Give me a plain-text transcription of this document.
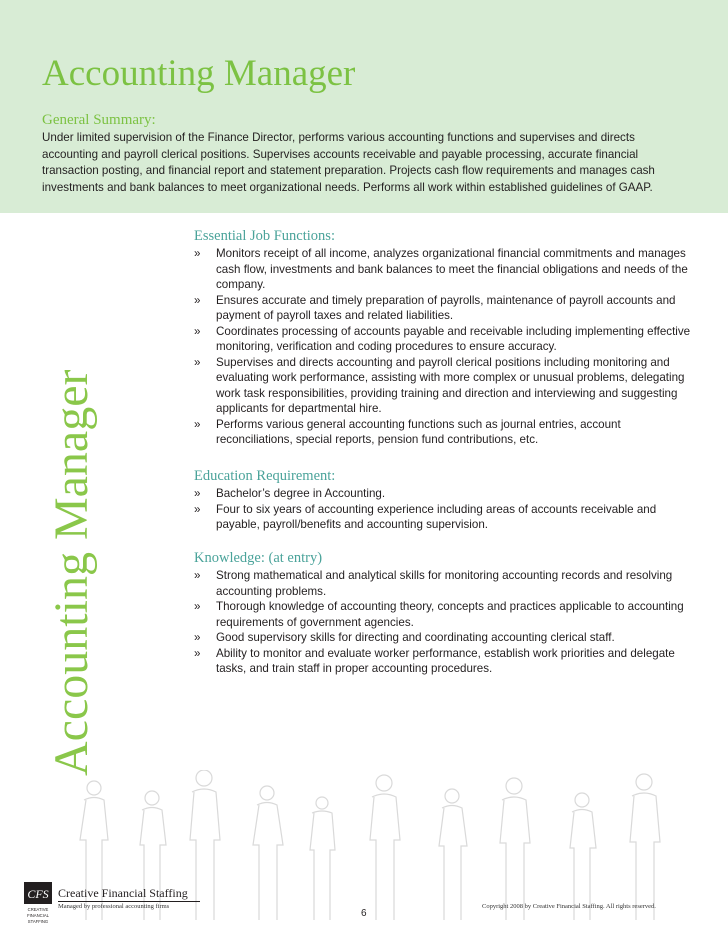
Accounting Manager
General Summary:

Under limited supervision of the Finance Director, performs various accounting functions and supervises and directs accounting and payroll clerical positions. Supervises accounts receivable and payable processing, accurate financial transaction posting, and financial report and statement preparation. Projects cash flow requirements and manages cash investments and bank balances to meet organizational needs. Performs all work within established guidelines of GAAP.

Accounting Manager
Essential Job Functions:
» Monitors receipt of all income, analyzes organizational financial commitments and manages cash flow, investments and bank balances to meet the financial obligations and needs of the company.
» Ensures accurate and timely preparation of payrolls, maintenance of payroll accounts and payment of payroll taxes and related liabilities.
» Coordinates processing of accounts payable and receivable including implementing effective monitoring, verification and coding procedures to ensure accuracy.
» Supervises and directs accounting and payroll clerical positions including monitoring and evaluating work performance, assisting with more complex or unusual problems, delegating work task responsibilities, providing training and direction and interviewing and suggesting applicants for departmental hire.
» Performs various general accounting functions such as journal entries, account reconciliations, special reports, pension fund contributions, etc.
Education Requirement:
» Bachelor’s degree in Accounting.
» Four to six years of accounting experience including areas of accounts receivable and payable, payroll/benefits and accounting supervision.
Knowledge: (at entry)
» Strong mathematical and analytical skills for monitoring accounting records and resolving accounting problems.
» Thorough knowledge of accounting theory, concepts and practices applicable to accounting requirements of government agencies.
» Good supervisory skills for directing and coordinating accounting clerical staff.
» Ability to monitor and evaluate worker performance, establish work priorities and delegate tasks, and train staff in proper accounting procedures.
CFS
CREATIVE
FINANCIAL
STAFFING

Creative Financial Staffing

Managed by professional accounting firms	Copyright 2008 by Creative Financial Staffing. All rights reserved.

6
